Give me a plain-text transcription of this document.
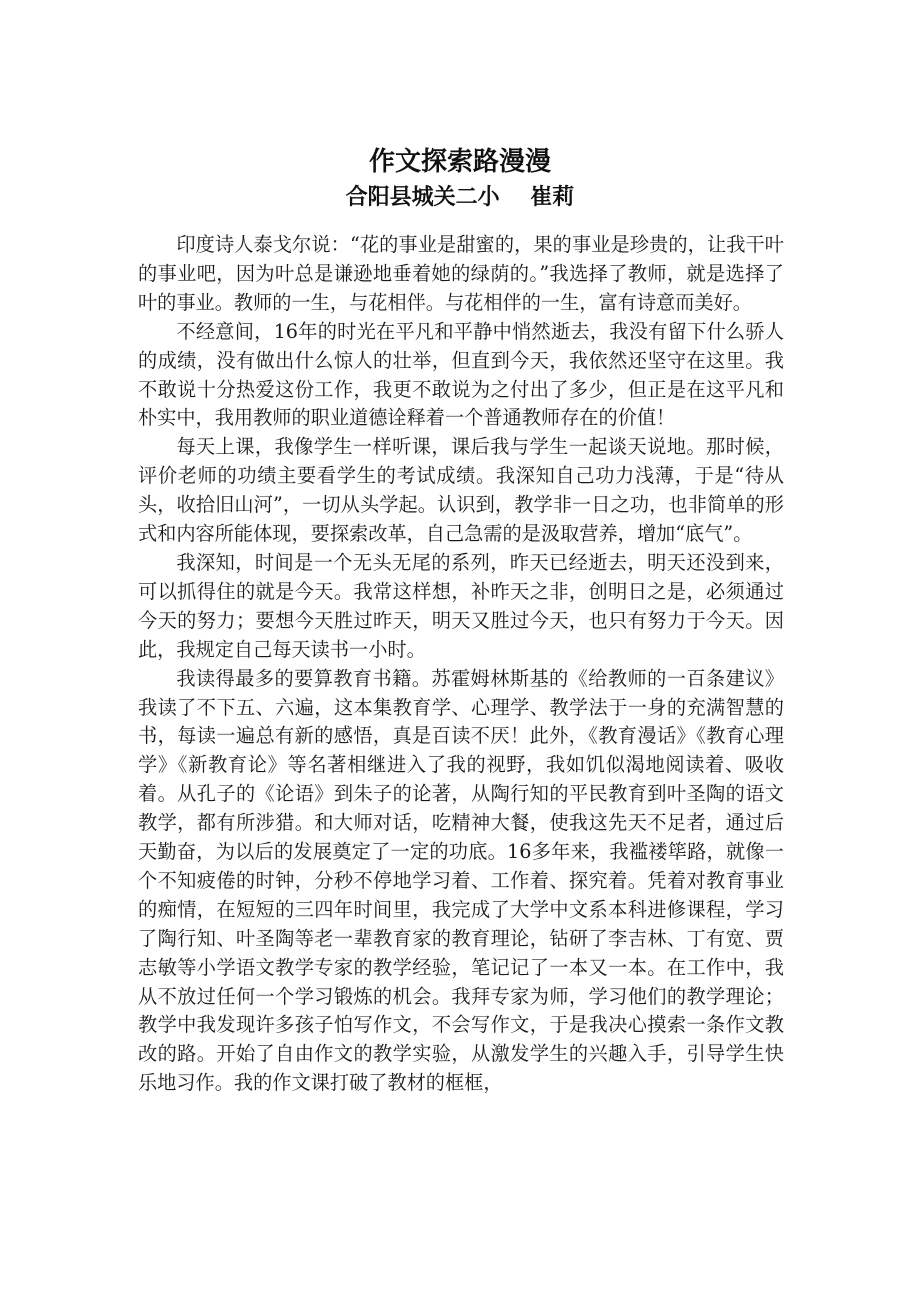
作文探索路漫漫
合阳县城关二小    崔莉

印度诗人泰戈尔说：“花的事业是甜蜜的，果的事业是珍贵的，让我干叶的事业吧，因为叶总是谦逊地垂着她的绿荫的。”我选择了教师，就是选择了叶的事业。教师的一生，与花相伴。与花相伴的一生，富有诗意而美好。

不经意间，16年的时光在平凡和平静中悄然逝去，我没有留下什么骄人的成绩，没有做出什么惊人的壮举，但直到今天，我依然还坚守在这里。我不敢说十分热爱这份工作，我更不敢说为之付出了多少，但正是在这平凡和朴实中，我用教师的职业道德诠释着一个普通教师存在的价值！

每天上课，我像学生一样听课，课后我与学生一起谈天说地。那时候，评价老师的功绩主要看学生的考试成绩。我深知自己功力浅薄，于是“待从头，收拾旧山河”，一切从头学起。认识到，教学非一日之功，也非简单的形式和内容所能体现，要探索改革，自己急需的是汲取营养，增加“底气”。

我深知，时间是一个无头无尾的系列，昨天已经逝去，明天还没到来，可以抓得住的就是今天。我常这样想，补昨天之非，创明日之是，必须通过今天的努力；要想今天胜过昨天，明天又胜过今天，也只有努力于今天。因此，我规定自己每天读书一小时。

我读得最多的要算教育书籍。苏霍姆林斯基的《给教师的一百条建议》我读了不下五、六遍，这本集教育学、心理学、教学法于一身的充满智慧的书，每读一遍总有新的感悟，真是百读不厌！此外，《教育漫话》《教育心理学》《新教育论》等名著相继进入了我的视野，我如饥似渴地阅读着、吸收着。从孔子的《论语》到朱子的论著，从陶行知的平民教育到叶圣陶的语文教学，都有所涉猎。和大师对话，吃精神大餐，使我这先天不足者，通过后天勤奋，为以后的发展奠定了一定的功底。16多年来，我褴褛筚路，就像一个不知疲倦的时钟，分秒不停地学习着、工作着、探究着。凭着对教育事业的痴情，在短短的三四年时间里，我完成了大学中文系本科进修课程，学习了陶行知、叶圣陶等老一辈教育家的教育理论，钻研了李吉林、丁有宽、贾志敏等小学语文教学专家的教学经验，笔记记了一本又一本。在工作中，我从不放过任何一个学习锻炼的机会。我拜专家为师，学习他们的教学理论；教学中我发现许多孩子怕写作文，不会写作文，于是我决心摸索一条作文教改的路。开始了自由作文的教学实验，从激发学生的兴趣入手，引导学生快乐地习作。我的作文课打破了教材的框框，
